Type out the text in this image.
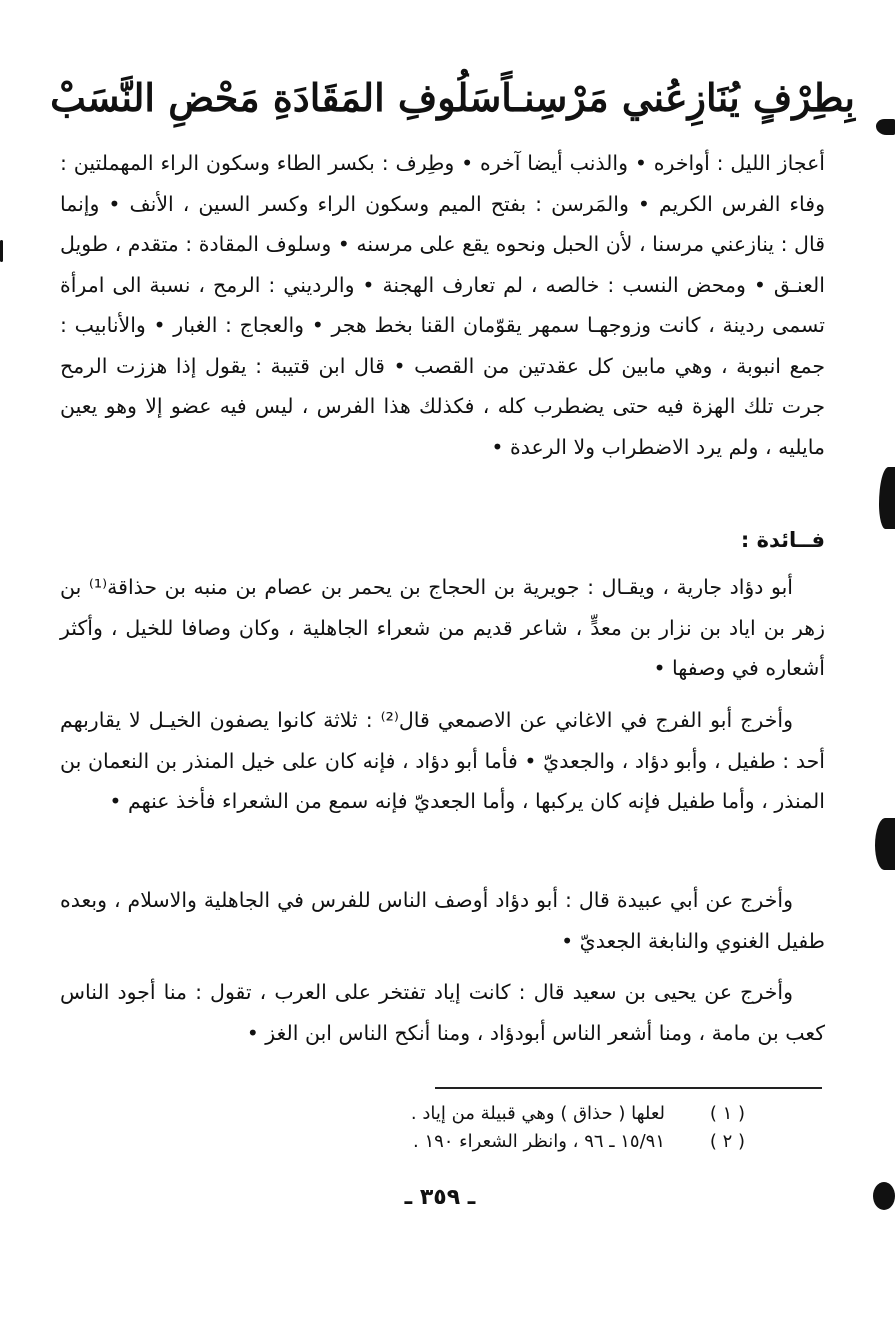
بِطِرْفٍ يُنَازِعُني مَرْسِنـاً
سَلُوفِ المَقَادَةِ مَحْضِ النَّسَبْ
أعجاز الليل : أواخره • والذنب أيضا آخره • وطِرف : بكسر الطاء وسكون الراء المهملتين : وفاء الفرس الكريم • والمَرسن : بفتح الميم وسكون الراء وكسر السين ، الأنف • وإنما قال : ينازعني مرسنا ، لأن الحبل ونحوه يقع على مرسنه • وسلوف المقادة : متقدم ، طويل العنـق • ومحض النسب : خالصه ، لم تعارف الهجنة • والرديني : الرمح ، نسبة الى امرأة تسمى ردينة ، كانت وزوجهـا سمهر يقوّمان القنا بخط هجر • والعجاج : الغبار • والأنابيب : جمع انبوبة ، وهي مابين كل عقدتين من القصب • قال ابن قتيبة : يقول إذا هززت الرمح جرت تلك الهزة فيه حتى يضطرب كله ، فكذلك هذا الفرس ، ليس فيه عضو إلا وهو يعين مايليه ، ولم يرد الاضطراب ولا الرعدة •
فــائدة :
أبو دؤاد جارية ، ويقـال : جويرية بن الحجاج بن يحمر بن عصام بن منبه بن حذاقة⁽¹⁾ بن زهر بن اياد بن نزار بن معدٍّ ، شاعر قديم من شعراء الجاهلية ، وكان وصافا للخيل ، وأكثر أشعاره في وصفها •
وأخرج أبو الفرج في الاغاني عن الاصمعي قال⁽²⁾ : ثلاثة كانوا يصفون الخيـل لا يقاربهم أحد : طفيل ، وأبو دؤاد ، والجعديّ • فأما أبو دؤاد ، فإنه كان على خيل المنذر بن النعمان بن المنذر ، وأما طفيل فإنه كان يركبها ، وأما الجعديّ فإنه سمع من الشعراء فأخذ عنهم •
وأخرج عن أبي عبيدة قال : أبو دؤاد أوصف الناس للفرس في الجاهلية والاسلام ، وبعده طفيل الغنوي والنابغة الجعديّ •
وأخرج عن يحيى بن سعيد قال : كانت إياد تفتخر على العرب ، تقول : منا أجود الناس كعب بن مامة ، ومنا أشعر الناس أبودؤاد ، ومنا أنكح الناس ابن الغز •
( ١ )
لعلها ( حذاق ) وهي قبيلة من إياد .
( ٢ )
١٥/٩١ ـ ٩٦ ، وانظر الشعراء ١٩٠ .
ـ ٣٥٩ ـ
